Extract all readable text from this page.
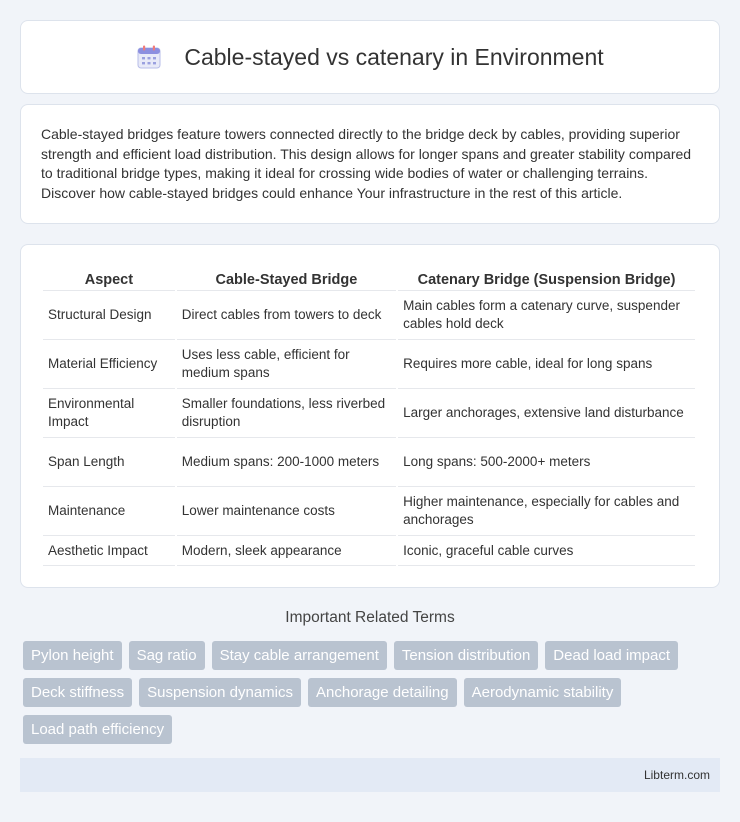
Cable-stayed vs catenary in Environment

Cable-stayed bridges feature towers connected directly to the bridge deck by cables, providing superior strength and efficient load distribution. This design allows for longer spans and greater stability compared to traditional bridge types, making it ideal for crossing wide bodies of water or challenging terrains. Discover how cable-stayed bridges could enhance Your infrastructure in the rest of this article.

Aspect	Cable-Stayed Bridge	Catenary Bridge (Suspension Bridge)
Structural Design	Direct cables from towers to deck	Main cables form a catenary curve, suspender cables hold deck
Material Efficiency	Uses less cable, efficient for medium spans	Requires more cable, ideal for long spans
Environmental Impact	Smaller foundations, less riverbed disruption	Larger anchorages, extensive land disturbance
Span Length	Medium spans: 200-1000 meters	Long spans: 500-2000+ meters
Maintenance	Lower maintenance costs	Higher maintenance, especially for cables and anchorages
Aesthetic Impact	Modern, sleek appearance	Iconic, graceful cable curves
Important Related Terms
Pylon height	Sag ratio	Stay cable arrangement	Tension distribution	Dead load impact
Deck stiffness	Suspension dynamics	Anchorage detailing	Aerodynamic stability
Load path efficiency
Libterm.com
